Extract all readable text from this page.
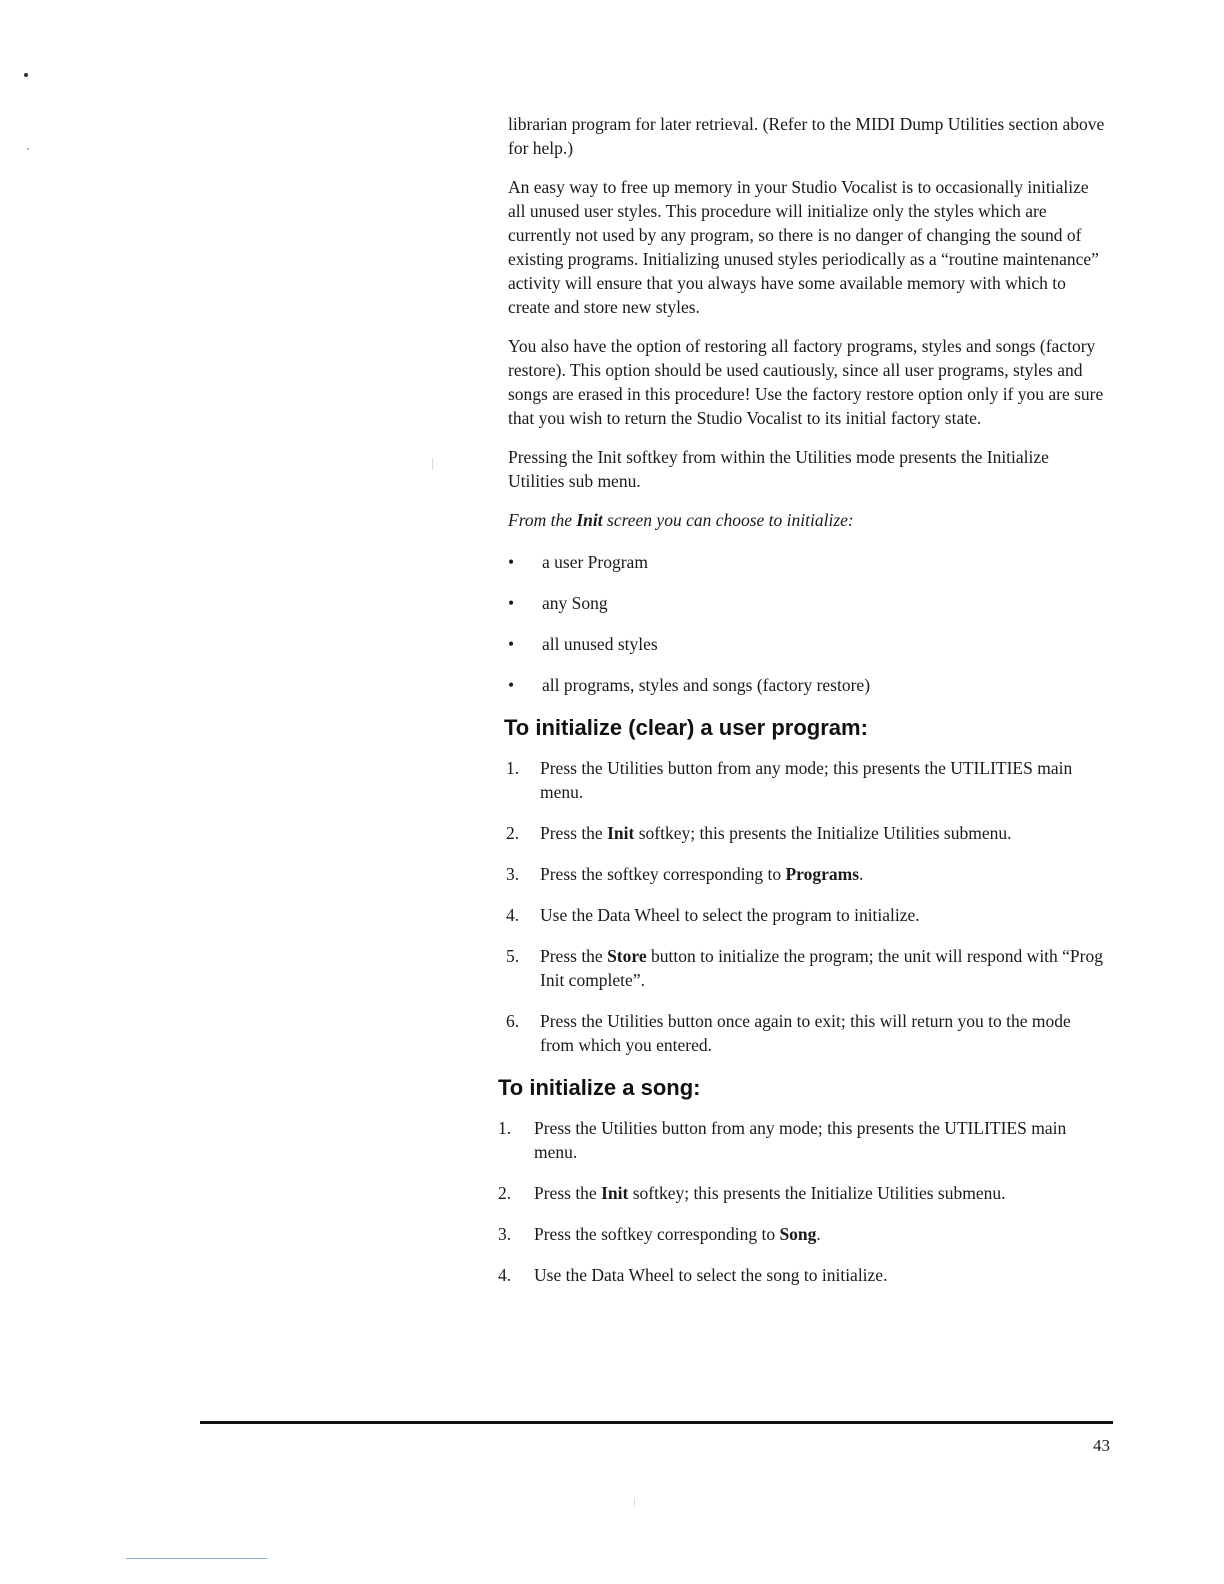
librarian program for later retrieval. (Refer to the MIDI Dump Utilities section above for help.)

An easy way to free up memory in your Studio Vocalist is to occasionally initialize all unused user styles. This procedure will initialize only the styles which are currently not used by any program, so there is no danger of changing the sound of existing programs. Initializing unused styles periodically as a “routine maintenance” activity will ensure that you always have some available memory with which to create and store new styles.

You also have the option of restoring all factory programs, styles and songs (factory restore). This option should be used cautiously, since all user programs, styles and songs are erased in this procedure! Use the factory restore option only if you are sure that you wish to return the Studio Vocalist to its initial factory state.

Pressing the Init softkey from within the Utilities mode presents the Initialize Utilities sub menu.

From the Init screen you can choose to initialize:

• a user Program
• any Song
• all unused styles
• all programs, styles and songs (factory restore)
To initialize (clear) a user program:
1. Press the Utilities button from any mode; this presents the UTILITIES main menu.
2. Press the Init softkey; this presents the Initialize Utilities submenu.
3. Press the softkey corresponding to Programs.
4. Use the Data Wheel to select the program to initialize.
5. Press the Store button to initialize the program; the unit will respond with “Prog Init complete”.
6. Press the Utilities button once again to exit; this will return you to the mode from which you entered.
To initialize a song:
1. Press the Utilities button from any mode; this presents the UTILITIES main menu.
2. Press the Init softkey; this presents the Initialize Utilities submenu.
3. Press the softkey corresponding to Song.
4. Use the Data Wheel to select the song to initialize.
43
